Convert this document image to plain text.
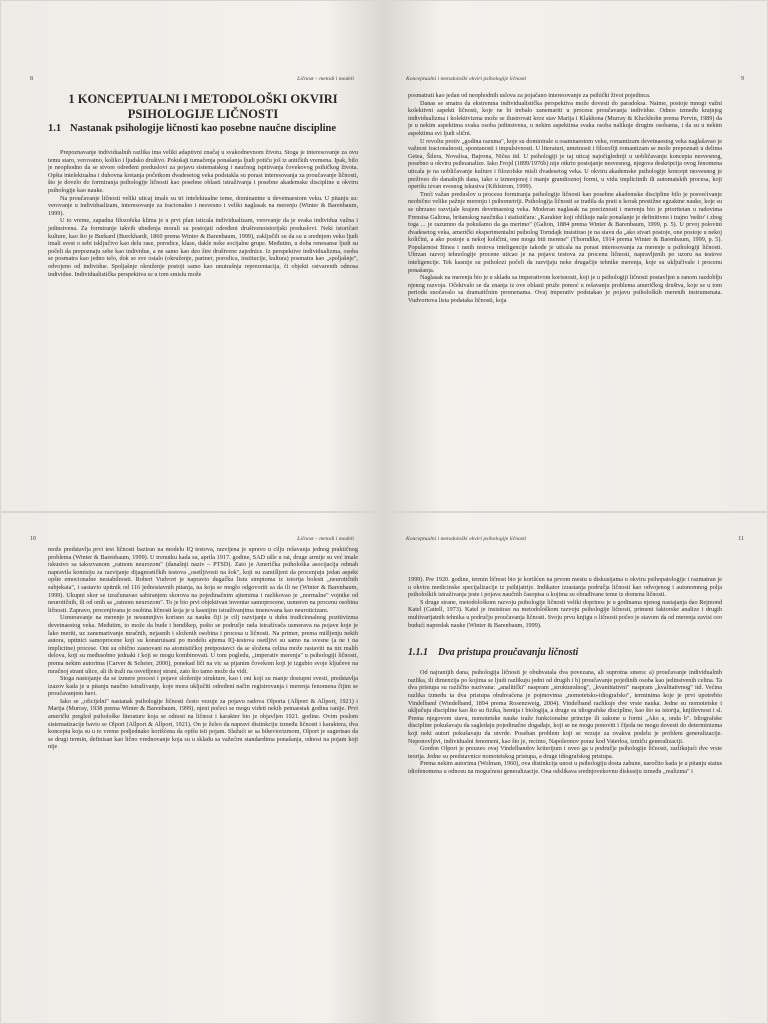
8	Ličnost – metodi i modeli

1 KONCEPTUALNI I METODOLOŠKI OKVIRI PSIHOLOGIJE LIČNOSTI

1.1 Nastanak psihologije ličnosti kao posebne naučne discipline

Prepoznavanje individualnih razlika ima veliki adaptivni značaj u svakodnevnom životu. Stoga je interesovanje za ovu temu staro, verovatno, koliko i ljudsko društvo. Pokušaji tumačenja ponašanja ljudi potiču još iz antičkih vremena. Ipak, bilo je neophodno da se stvore određeni preduslovi za pojavu sistematskog i naučnog ispitivanja čovekovog psihičkog života. Opšta intelektualna i duhovna kretanja početkom dvadesetog veka podstakla su porast interesovanja za proučavanje ličnosti, što je dovelo do formiranja psihologije ličnosti kao posebne oblasti istraživanja i posebne akademske discipline u okviru psihologije kao nauke.

Na proučavanje ličnosti veliki uticaj imale su tri intelektualne teme, dominantne u devetnaestom veku. U pitanju su: verovanje u individualizam, interesovanje za iracionalno i nesvesno i veliki naglasak na merenju (Winter & Barenbaum, 1999).

U to vreme, zapadna filozofska klima je u prvi plan isticala individualizam, verovanje da je svaka individua važna i jedinstvena. Za formiranje takvih ubeđenja morali su postojati određeni društvenoistorijski preduslovi. Neki istoričari kulture, kao što je Burkard (Burckhardt, 1860 prema Winter & Barenbaum, 1999), zaključili su da su u srednjem veku ljudi imali svest o sebi isključivo kao delu rase, porodice, klase, dakle neke socijalne grupe. Međutim, u doba renesanse ljudi su počeli da prepoznaju sebe kao individue, a ne samo kao deo šire društvene zajednice. Iz perspektive individualizma, osoba se posmatra kao jedno telo, dok se sve ostalo (okruženje, partner, porodica, institucije, kultura) posmatra kao „spoljašnje", odvojeno od individue. Spoljašnje okruženje postoji samo kao unutrašnja reprezentacija, či objekti ostvarenih odnosa individue. Individualistička perspektiva se u tom smislu može

Konceptualni i metodološki okviri psihologije ličnosti	9

posmatrati kao jedan od neophodnih uslova za pojačano interesovanje za psihički život pojedinca.

Danas se smatra da ekstremna individualistička perspektiva može dovesti do paradoksa. Naime, postoje mnogi važni kolektivni aspekti ličnosti, koje ne bi trebalo zanemariti u procesu proučavanja individue. Odnos između krajnjeg individualizma i kolektivizma može se ilustrovati kroz stav Marija i Klakhona (Murray & Kluckhohn prema Pervin, 1989) da je u nekim aspektima svaka osoba jedinstvena, u nekim aspektima svaka osoba nalikuje drugim osobama, i da su u nekim aspektima svi ljudi slični.

U revoltu protiv „godina razuma", koje su dominirale u osamnaestom veku, romantizam devetnaestog veka naglašavao je važnost iracionalnosti, spontanosti i impulsivnosti. U literaturi, umetnosti i filozofiji romantizam se može prepoznati u delima Getea, Šilera, Novalisa, Bajrona, Ničea itd. U psihologiji je taj uticaj najočigledniji u uobličavanju koncepta nesvesnog, posebno u okviru psihoanalize. Iako Frojd (1899/1976b) nije otkrio postojanje nesvesnog, njegova deskripcija ovog fenomena uticala je na uobličavanje kulture i filozofske misli dvadesetog veka. U okviru akademske psihologije koncept nesvesnog je preživeo do današnjih dana, iako u izmenjenoj i manje grandioznoj formi, u vidu implicitnih ili automatskih procesa, koji operišu izvan svesnog iskustva (Kihlstrom, 1999).

Treći važan preduslov u procesu formiranja psihologije ličnosti kao posebne akademske discipline bilo je posvećivanje neobično velike pažnje merenju i psihometriji. Psihologija ličnosti se tradila da prati u korak prestižne egzaktne nauke, koje su se ubrzano razvijale krajem devetnaestog veka. Moderan naglasak na preciznosti i merenju bio je prioritetan u radovima Frensisa Galtona, britanskog naučnika i statističara: „Karakter koji oblikuje naše ponašanje je definitivno i trajno 'nešto' i zbog toga ... je razumno da pokušamo da ga merimo" (Galton, 1884 prema Winter & Barenbaum, 1999, p. 5). U prvoj polovini dvadesetog veka, američki eksperimentalni psiholog Torndajk insistirao je na stavu da „ako stvari postoje, one postoje u nekoj količini, a ako postoje u nekoj količini, one mogu biti merene" (Thorndike, 1914 prema Winter & Barenbaum, 1999, p. 5). Popularnost Bineа i ranih testova inteligencije takođe je uticala na porast interesovanja za merenje u psihologiji ličnosti. Ubrzan razvoj tehnologije procene uticao je na pojavu testova za procenu ličnosti, napravljenih po uzoru na testove inteligencije. Tek kasnije su psiholozi počeli da razvijaju neke drugačije tehnike merenja, koje su uključivale i procenu ponašanja.

Naglasak na merenju bio je u skladu sa imperativom korisnosti, koji je u psihologiji ličnosti postavljen u ranom razdoblju njenog razvoja. Očekivalo se da znanja iz ove oblasti pruže pomoć u rešavanju problema američkog društva, koje se u tom periodu suočavalo sa dramatičnim promenama. Ovaj imperativ podstakao je pojavu psiholoških merenih instrumenata. Vudvortova lista podataka ličnosti, koja

10	Ličnost – metodi i modeli

može predstavlja prvi test ličnosti baziran na modelu IQ testova, razvijena je upravo u cilju rešavanja jednog praktičnog problema (Winter & Barenbaum, 1999). U trenutku kada su, aprila 1917. godine, SAD ušle u rat, druge armije su već imale iskustvo sa takozvanom „ratnom neurozom" (današnji naziv – PTSD). Zato je Američka psihološka asocijacija odmah napravila komisiju za razvijanje dijagnostičkih testova „osetljivosti na šok", koji su zamišljeni da procenjuju jedan aspekt opšte emocionalne nestabilnosti. Robert Vudvort je napravio dugačku listu simptoma iz istorija bolesti „neurotičnih subjekata", i sastavio upitnik od 116 jednostavnih pitanja, na koja se moglo odgovoriti sa da ili ne (Winter & Barenbaum, 1999). Ukupni skor se izračunavao sabiranjem skorova na pojedinačnim ajtemima i razlikovao je „normalne" vojnike od neurotičnih, ili od onih sa „ratnom neurozom". To je bio prvi objektivan inventar samoprocene, usmeren na procenu osobina ličnosti. Zapravo, procenjivana je osobina ličnosti koja je u kasnijim istraživanjima imenovana kao neuroticizam.

Usmeravanje na merenje je nesumnjivo korisno za nauku čiji je cilj razvijanje u duhu tradicionalnog pozitivizma devetnaestog veka. Međutim, to može da bude i hendikep, pošto se područje rada istraživača usmerava na pojave koje je lako meriti, uz zanemarivanje mračnih, nejasnih i složenih osobina i procesa u ličnosti. Na primer, prema mišljenju nekih autora, upitnici samoprocene koji su konstruisani po modelu ajtema IQ-testova osetljivi su samo na svesne (a ne i na implicitne) procese. Oni su obično zasnovani na atomističkoj pretpostavci da se složena celina može rastaviti na niz malih delova, koji su međusobno jednaki i koji se mogu kombinovati. U tom pogledu, „imperativ merenja" u psihologiji ličnosti, prema nekim autorima (Carver & Scheier, 2000), ponekad liči na vic sa pijanim čovekom koji je izgubio svoje ključeve na mračnoj strani ulice, ali ih traži na osvetljenoj strani, zato što tamo može da vidi.

Stoga nastojanje da se izmere procesi i pojave složenije strukture, kao i oni koji su manje dostupni svesti, predstavlja izazov kada je u pitanju naučno istraživanje, koje mora uključiti određeni način registrovanja i merenja fenomena čijim se proučavanjem bavi.

Iako se „oficijelni" nastanak psihologije ličnosti često vezuje za pojavu radova Olporta (Allport & Allport, 1921) i Marija (Murray, 1938 prema Winter & Barenbaum, 1999), njeni počeci se mogu videti nekih petnaestak godina ranije. Prvi američki pregled psihološke literature koja se odnosi na ličnost i karakter bio je objavljen 1921. godine. Ovim poslom sistematizacije bavio se Olport (Allport & Allport, 1921). On je želeo da napravi distinkciju između ličnosti i karaktera, dva koncepta koja su u to vreme podjednako korišćena da opišu isti pojam. Slažući se sa biheviorizmom, Olport je sugerisao da se drugi termin, definisan kao lično vrednovanje koja su u skladu sa važećim standardima ponašanja, odnosi na pojam koji nije

Konceptualni i metodološki okviri psihologije ličnosti	11

1999). Pre 1920. godine, termin ličnost bio je korišćen na prvom mestu u diskusijama u okviru psihopatologije i razmatran je u okviru medicinske specijalizacije iz psihijatrije. Indikator izrastanja područja ličnosti kao odvojenog i autonomnog polja psiholoških istraživanja jeste i pojava naučnih časopisa u kojima su obrađivane teme iz domena ličnosti.

S druge strane, metodološkom razvoju psihologije ličnosti veliki doprinos je u godinama njenog nastajanja dao Rejmond Katel (Cattell, 1973). Katel je insistirao na metodološkom razvoju psihologije ličnosti, primeni faktorske analize i drugih multivarijatnih tehnika u području proučavanja ličnosti. Svoju prvu knjigu o ličnosti počeo je stavom da od merenja zavisi ceo budući napredak nauke (Winter & Barenbaum, 1999).

1.1.1	Dva pristupa proučavanju ličnosti

Od najranijih dana, psihologija ličnosti je obuhvatala dva povezana, ali suprotna smera: a) proučavanje individualnih razlika, ili dimenzija po kojima se ljudi razlikuju jedni od drugih i b) proučavanje pojedinih osoba kao jedinstvenih celina. Ta dva pristupa su različito nazivana: „analitički" naspram „strukturalnog", „kvantitativni" naspram „kvalitativnog" itd. Većina razlika između ta dva pristupa obuhvaćena je pojmovima „nomotetsko-idiografsko", terminima koje je prvi upotrebio Vindelband (Windelband, 1894 prema Rosenzweig, 2004). Vindelband razlikuje dve vrste nauka. Jedne su nomotetske i uključuju discipline kao što su fizika, hemija i biologija, a druge su idiografske discipline, kao što su istorija, književnost i sl. Prema njegovom stavu, nomotetske nauke traže funkcionalne principe ili zakone u formi „Ako a, onda b". Idiografske discipline pokušavaju da sagledaju pojedinačne događaje, koji se ne mogu ponoviti i čijeda ne mogu dovesti do determinizma koji neki autori pokušavaju da utvrde. Poseban problem koji se vezuje za ovakva podelu je problem generalizacije. Neponovljivi, individualni fenomeni, kao što je, recimo, Napoleonov poraz kod Vaterloa, izmiču generalizaciji.

Gordon Olport je preuzeo ovaj Vindelbandov kriterijum i uveo ga u područje psihologije ličnosti, razlikujući dve vrste teorija. Jedne su predstavnice nomotetskog pristupa, a druge idiografskog pristupa.

Prema nekim autorima (Wolman, 1960), ova distinkcija unosi u psihologiju dosta zabune, naročito kada je u pitanju status idiofenomena u odnosu na mogućnost generalizacije. Ona odslikava srednjovekovnu diskusiju između „realizma" i
